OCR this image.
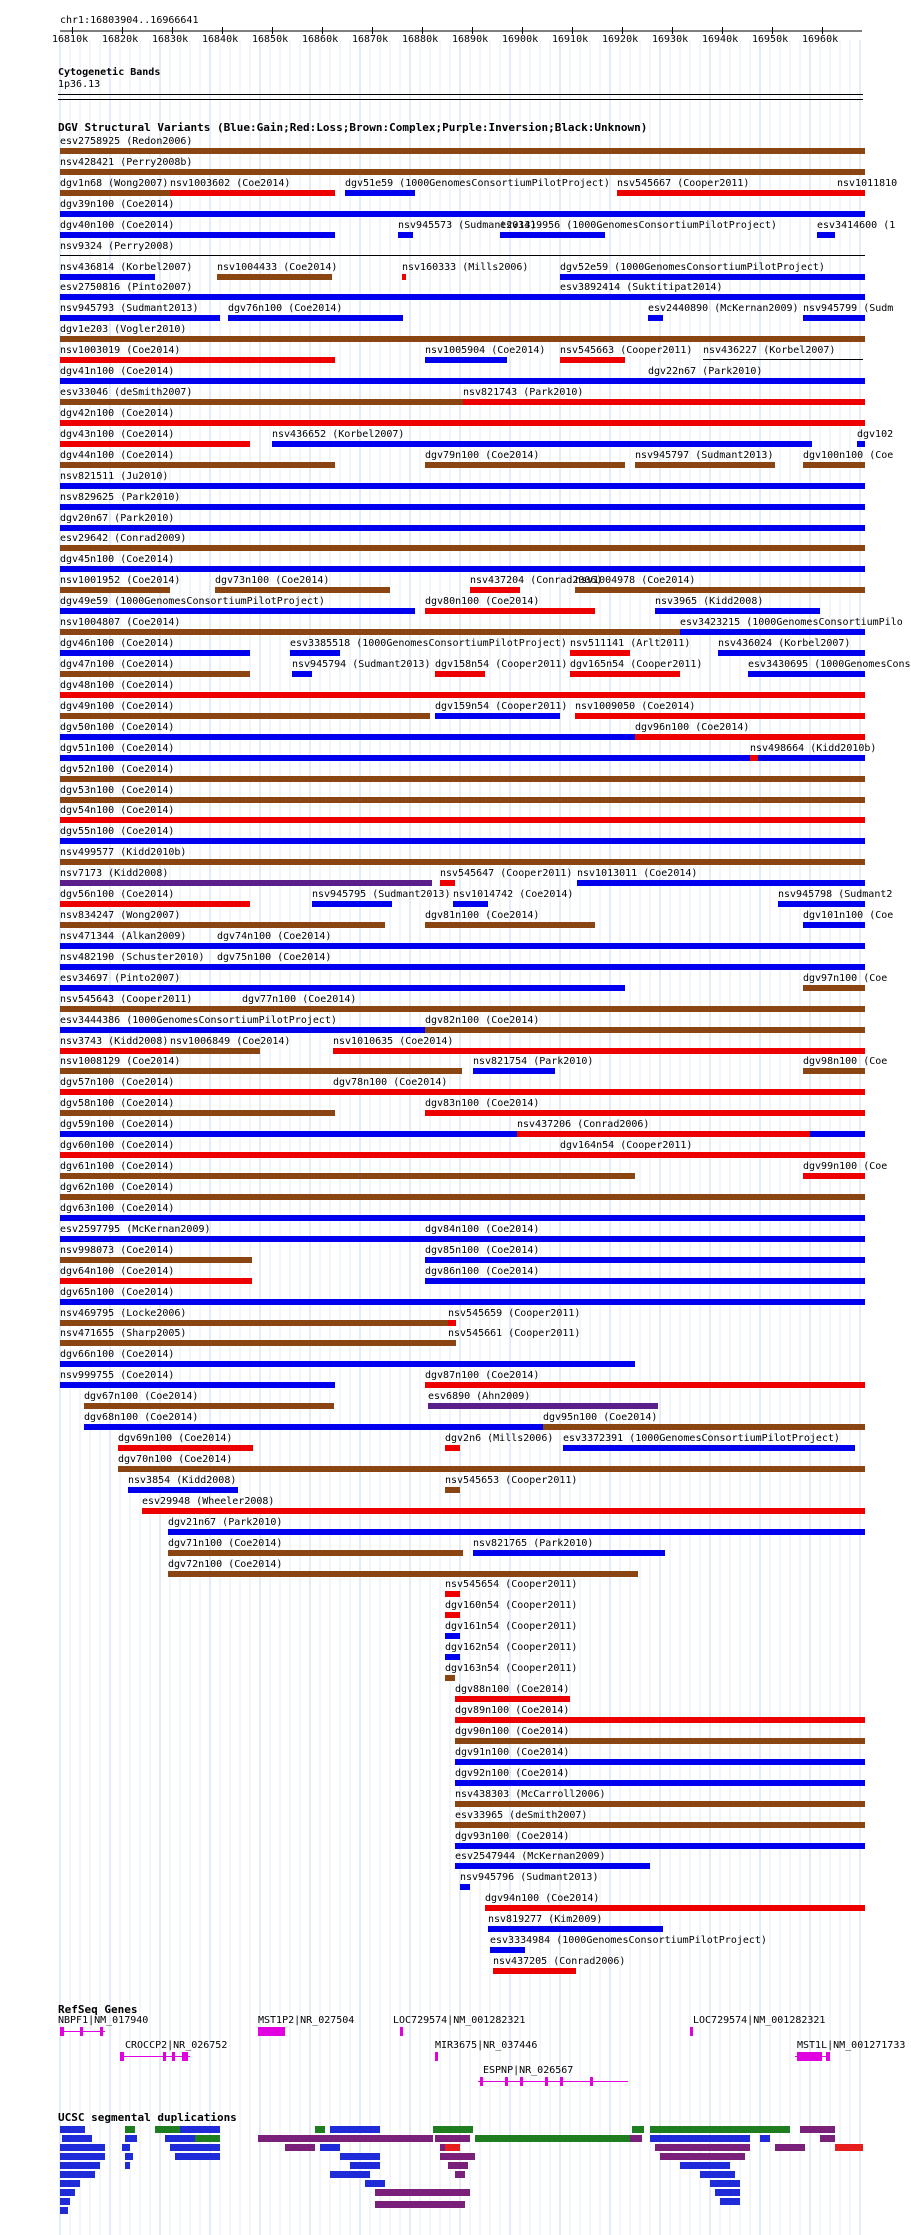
chr1:16803904..16966641
16810k 16820k 16830k 16840k 16850k 16860k 16870k 16880k 16890k 16900k 16910k 16920k 16930k 16940k 16950k 16960k
Cytogenetic Bands
1p36.13
DGV Structural Variants (Blue:Gain;Red:Loss;Brown:Complex;Purple:Inversion;Black:Unknown)
esv2758925 (Redon2006)
nsv428421 (Perry2008b)
dgv1n68 (Wong2007) nsv1003602 (Coe2014)	dgv51e59 (1000GenomesConsortiumPilotProject) nsv545667 (Cooper2011)	nsv1011810
dgv39n100 (Coe2014)
dgv40n100 (Coe2014)	nsv945573 (Sudmant2013)
esv3419956 (1000GenomesConsortiumPilotProject)	esv3414600 (1
nsv9324 (Perry2008)
nsv436814 (Korbel2007) nsv1004433 (Coe2014)	nsv160333 (Mills2006)	dgv52e59 (1000GenomesConsortiumPilotProject)
esv2750816 (Pinto2007)	esv3892414 (Suktitipat2014)
nsv945793 (Sudmant2013)	dgv76n100 (Coe2014)	esv2440890 (McKernan2009) nsv945799 (Sudm
dgv1e203 (Vogler2010)
nsv1003019 (Coe2014)	nsv1005904 (Coe2014) nsv545663 (Cooper2011) nsv436227 (Korbel2007)
dgv41n100 (Coe2014)	dgv22n67 (Park2010)
esv33046 (deSmith2007)	nsv821743 (Park2010)
dgv42n100 (Coe2014)
dgv43n100 (Coe2014)	nsv436652 (Korbel2007)	dgv102
dgv44n100 (Coe2014)	dgv79n100 (Coe2014)	nsv945797 (Sudmant2013)	dgv100n100 (Coe
nsv821511 (Ju2010)
nsv829625 (Park2010)
dgv20n67 (Park2010)
esv29642 (Conrad2009)
dgv45n100 (Coe2014)
nsv1001952 (Coe2014)	dgv73n100 (Coe2014)	nsv437204 (Conrad2006)
nsv1004978 (Coe2014)
dgv49e59 (1000GenomesConsortiumPilotProject)	dgv80n100 (Coe2014)	nsv3965 (Kidd2008)
nsv1004807 (Coe2014)	esv3423215 (1000GenomesConsortiumPilo
dgv46n100 (Coe2014)	esv3385518 (1000GenomesConsortiumPilotProject) nsv511141 (Arlt2011)	nsv436024 (Korbel2007)
dgv47n100 (Coe2014)	nsv945794 (Sudmant2013) dgv158n54 (Cooper2011) dgv165n54 (Cooper2011)	esv3430695 (1000GenomesCons
dgv48n100 (Coe2014)
dgv49n100 (Coe2014)	dgv159n54 (Cooper2011) nsv1009050 (Coe2014)
dgv50n100 (Coe2014)	dgv96n100 (Coe2014)
dgv51n100 (Coe2014)	nsv498664 (Kidd2010b)
dgv52n100 (Coe2014)
dgv53n100 (Coe2014)
dgv54n100 (Coe2014)
dgv55n100 (Coe2014)
nsv499577 (Kidd2010b)
nsv7173 (Kidd2008)	nsv545647 (Cooper2011) nsv1013011 (Coe2014)
dgv56n100 (Coe2014)	nsv945795 (Sudmant2013) nsv1014742 (Coe2014)	nsv945798 (Sudmant2
nsv834247 (Wong2007)	dgv81n100 (Coe2014)	dgv101n100 (Coe
nsv471344 (Alkan2009)	dgv74n100 (Coe2014)
nsv482190 (Schuster2010) dgv75n100 (Coe2014)
esv34697 (Pinto2007)	dgv97n100 (Coe
nsv545643 (Cooper2011)	dgv77n100 (Coe2014)
esv3444386 (1000GenomesConsortiumPilotProject)	dgv82n100 (Coe2014)
nsv3743 (Kidd2008) nsv1006849 (Coe2014)	nsv1010635 (Coe2014)
nsv1008129 (Coe2014)	nsv821754 (Park2010)	dgv98n100 (Coe
dgv57n100 (Coe2014)	dgv78n100 (Coe2014)
dgv58n100 (Coe2014)	dgv83n100 (Coe2014)
dgv59n100 (Coe2014)	nsv437206 (Conrad2006)
dgv60n100 (Coe2014)	dgv164n54 (Cooper2011)
dgv61n100 (Coe2014)	dgv99n100 (Coe
dgv62n100 (Coe2014)
dgv63n100 (Coe2014)
esv2597795 (McKernan2009)	dgv84n100 (Coe2014)
nsv998073 (Coe2014)	dgv85n100 (Coe2014)
dgv64n100 (Coe2014)	dgv86n100 (Coe2014)
dgv65n100 (Coe2014)
nsv469795 (Locke2006)	nsv545659 (Cooper2011)
nsv471655 (Sharp2005)	nsv545661 (Cooper2011)
dgv66n100 (Coe2014)
nsv999755 (Coe2014)	dgv87n100 (Coe2014)
dgv67n100 (Coe2014)	esv6890 (Ahn2009)
dgv68n100 (Coe2014)	dgv95n100 (Coe2014)
dgv69n100 (Coe2014)	dgv2n6 (Mills2006) esv3372391 (1000GenomesConsortiumPilotProject)
dgv70n100 (Coe2014)
nsv3854 (Kidd2008)	nsv545653 (Cooper2011)
esv29948 (Wheeler2008)
dgv21n67 (Park2010)
dgv71n100 (Coe2014)	nsv821765 (Park2010)
dgv72n100 (Coe2014)
nsv545654 (Cooper2011)
dgv160n54 (Cooper2011)
dgv161n54 (Cooper2011)
dgv162n54 (Cooper2011)
dgv163n54 (Cooper2011)
dgv88n100 (Coe2014)
dgv89n100 (Coe2014)
dgv90n100 (Coe2014)
dgv91n100 (Coe2014)
dgv92n100 (Coe2014)
nsv438303 (McCarroll2006)
esv33965 (deSmith2007)
dgv93n100 (Coe2014)
esv2547944 (McKernan2009)
nsv945796 (Sudmant2013)
dgv94n100 (Coe2014)
nsv819277 (Kim2009)
esv3334984 (1000GenomesConsortiumPilotProject)
nsv437205 (Conrad2006)
RefSeq Genes
NBPF1|NM_017940
CROCCP2|NR_026752
MST1P2|NR_027504	LOC729574|NM_001282321
MIR3675|NR_037446
ESPNP|NR_026567
LOC729574|NM_001282321
MST1L|NM_001271733
UCSC segmental duplications
